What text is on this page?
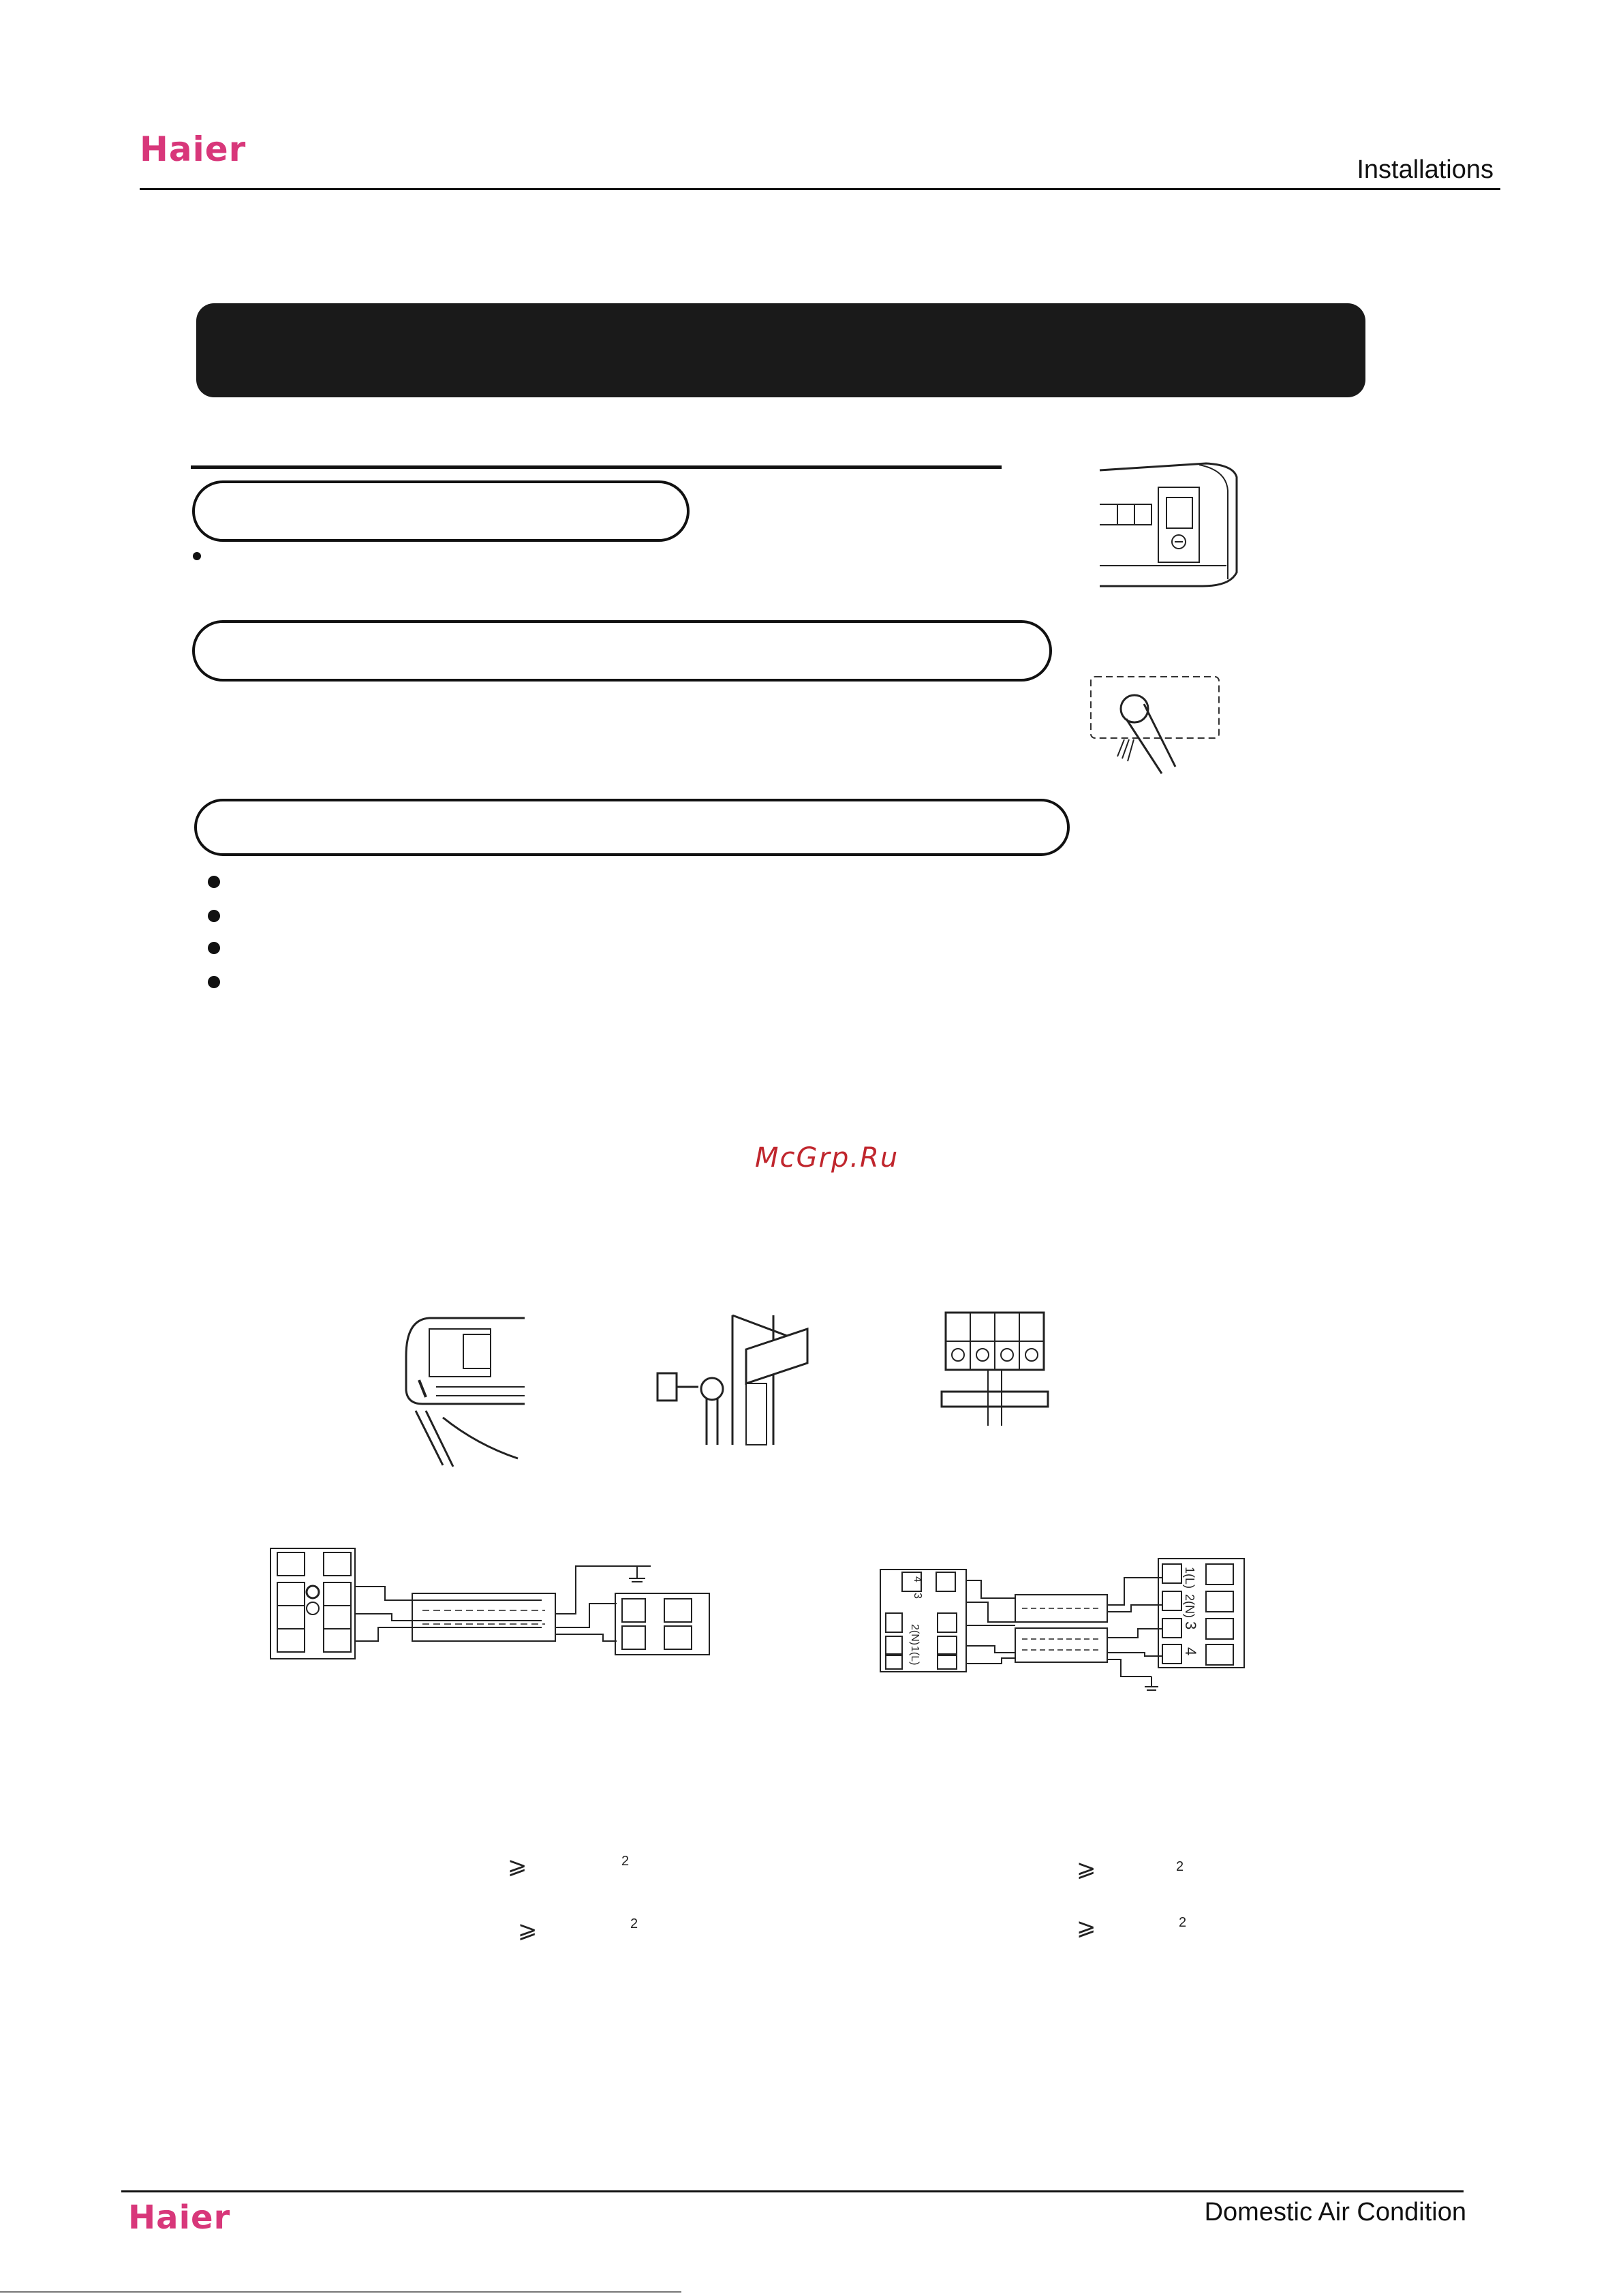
Haier
Installations
McGrp.Ru
2(N)
1(L)
4
3
1(L)
2(N)
3
4
⩾	2
⩾	2
⩾	2
⩾	2
Haier	Domestic Air Condition
